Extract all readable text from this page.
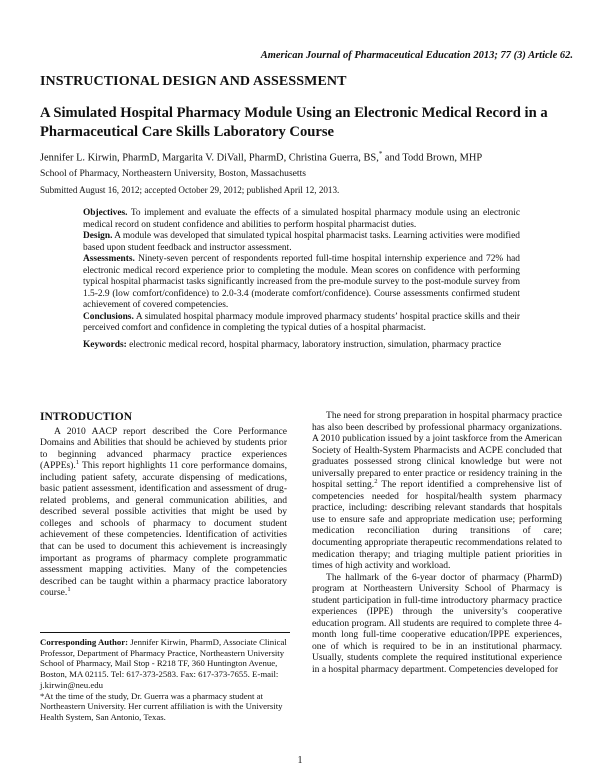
American Journal of Pharmaceutical Education 2013; 77 (3) Article 62.
INSTRUCTIONAL DESIGN AND ASSESSMENT
A Simulated Hospital Pharmacy Module Using an Electronic Medical Record in a Pharmaceutical Care Skills Laboratory Course
Jennifer L. Kirwin, PharmD, Margarita V. DiVall, PharmD, Christina Guerra, BS,* and Todd Brown, MHP
School of Pharmacy, Northeastern University, Boston, Massachusetts
Submitted August 16, 2012; accepted October 29, 2012; published April 12, 2013.

Objectives. To implement and evaluate the effects of a simulated hospital pharmacy module using an electronic medical record on student confidence and abilities to perform hospital pharmacist duties.

Design. A module was developed that simulated typical hospital pharmacist tasks. Learning activities were modified based upon student feedback and instructor assessment.

Assessments. Ninety-seven percent of respondents reported full-time hospital internship experience and 72% had electronic medical record experience prior to completing the module. Mean scores on confidence with performing typical hospital pharmacist tasks significantly increased from the pre-module survey to the post-module survey from 1.5-2.9 (low comfort/confidence) to 2.0-3.4 (moderate comfort/confidence). Course assessments confirmed student achievement of covered competencies.

Conclusions. A simulated hospital pharmacy module improved pharmacy students’ hospital practice skills and their perceived comfort and confidence in completing the typical duties of a hospital pharmacist.

Keywords: electronic medical record, hospital pharmacy, laboratory instruction, simulation, pharmacy practice

INTRODUCTION

A 2010 AACP report described the Core Performance Domains and Abilities that should be achieved by students prior to beginning advanced pharmacy practice experiences (APPEs).$^1$ This report highlights 11 core performance domains, including patient safety, accurate dispensing of medications, basic patient assessment, identification and assessment of drug-related problems, and general communication abilities, and described several possible activities that might be used by colleges and schools of pharmacy to document student achievement of these competencies. Identification of activities that can be used to document this achievement is increasingly important as programs of pharmacy complete programmatic assessment mapping activities. Many of the competencies described can be taught within a pharmacy practice laboratory course.$^1$

Corresponding Author: Jennifer Kirwin, PharmD, Associate Clinical Professor, Department of Pharmacy Practice, Northeastern University School of Pharmacy, Mail Stop - R218 TF, 360 Huntington Avenue, Boston, MA 02115. Tel: 617-373-2583. Fax: 617-373-7655. E-mail: j.kirwin@neu.edu

*At the time of the study, Dr. Guerra was a pharmacy student at Northeastern University. Her current affiliation is with the University Health System, San Antonio, Texas.

The need for strong preparation in hospital pharmacy practice has also been described by professional pharmacy organizations. A 2010 publication issued by a joint taskforce from the American Society of Health-System Pharmacists and ACPE concluded that graduates possessed strong clinical knowledge but were not universally prepared to enter practice or residency training in the hospital setting.$^2$ The report identified a comprehensive list of competencies needed for hospital/health system pharmacy practice, including: describing relevant standards that hospitals use to ensure safe and appropriate medication use; performing medication reconciliation during transitions of care; documenting appropriate therapeutic recommendations related to medication therapy; and triaging multiple patient priorities in times of high activity and workload.

The hallmark of the 6-year doctor of pharmacy (PharmD) program at Northeastern University School of Pharmacy is student participation in full-time introductory pharmacy practice experiences (IPPE) through the university’s cooperative education program. All students are required to complete three 4-month long full-time cooperative education/IPPE experiences, one of which is required to be in an institutional pharmacy. Usually, students complete the required institutional experience in a hospital pharmacy department. Competencies developed for

1
